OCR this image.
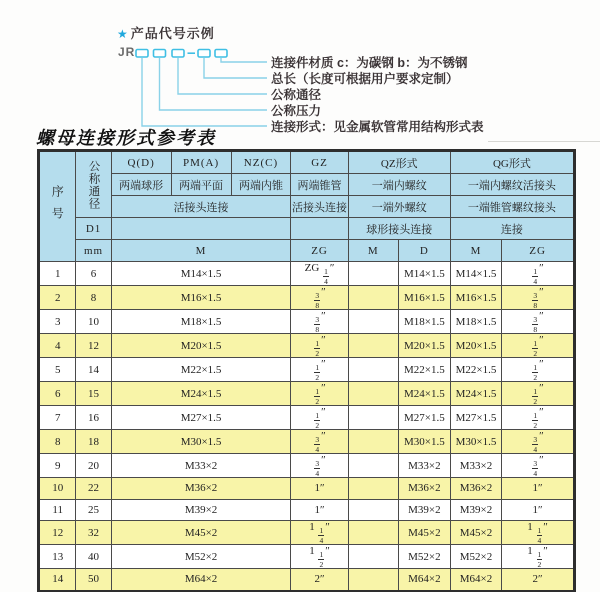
★ 产品代号示例
JR
连接件材质 c：为碳钢 b：为不锈钢
总长（长度可根据用户要求定制）
公称通径
公称压力
连接形式：见金属软管常用结构形式表
螺母连接形式参考表
序号	公称通径	Q(D)	PM(A)	NZ(C)	GZ	QZ形式		QG形式	
		两端球形	两端平面	两端内锥	两端锥管	一端内螺纹		一端内螺纹活接头	
		活接头连接			活接头连接	一端外螺纹		一端锥管螺纹接头	
	D1					球形接头连接		连接	
	mm	M			ZG	M	D	M	ZG
1	6	M14×1.5			ZG $\frac{1}{4}$ ″		M14×1.5	M14×1.5	$\frac{1}{4}$ ″
2	8	M16×1.5			$\frac{3}{8}$ ″		M16×1.5	M16×1.5	$\frac{3}{8}$ ″
3	10	M18×1.5			$\frac{3}{8}$ ″		M18×1.5	M18×1.5	$\frac{3}{8}$ ″
4	12	M20×1.5			$\frac{1}{2}$ ″		M20×1.5	M20×1.5	$\frac{1}{2}$ ″
5	14	M22×1.5			$\frac{1}{2}$ ″		M22×1.5	M22×1.5	$\frac{1}{2}$ ″
6	15	M24×1.5			$\frac{1}{2}$ ″		M24×1.5	M24×1.5	$\frac{1}{2}$ ″
7	16	M27×1.5			$\frac{1}{2}$ ″		M27×1.5	M27×1.5	$\frac{1}{2}$ ″
8	18	M30×1.5			$\frac{3}{4}$ ″		M30×1.5	M30×1.5	$\frac{3}{4}$ ″
9	20	M33×2			$\frac{3}{4}$ ″		M33×2	M33×2	$\frac{3}{4}$ ″
10	22	M36×2			1″		M36×2	M36×2	1″
11	25	M39×2			1″		M39×2	M39×2	1″
12	32	M45×2			$1 \frac{1}{4}$ ″		M45×2	M45×2	$1 \frac{1}{4}$ ″
13	40	M52×2			$1 \frac{1}{2}$ ″		M52×2	M52×2	$1 \frac{1}{2}$ ″
14	50	M64×2			2″		M64×2	M64×2	2″
